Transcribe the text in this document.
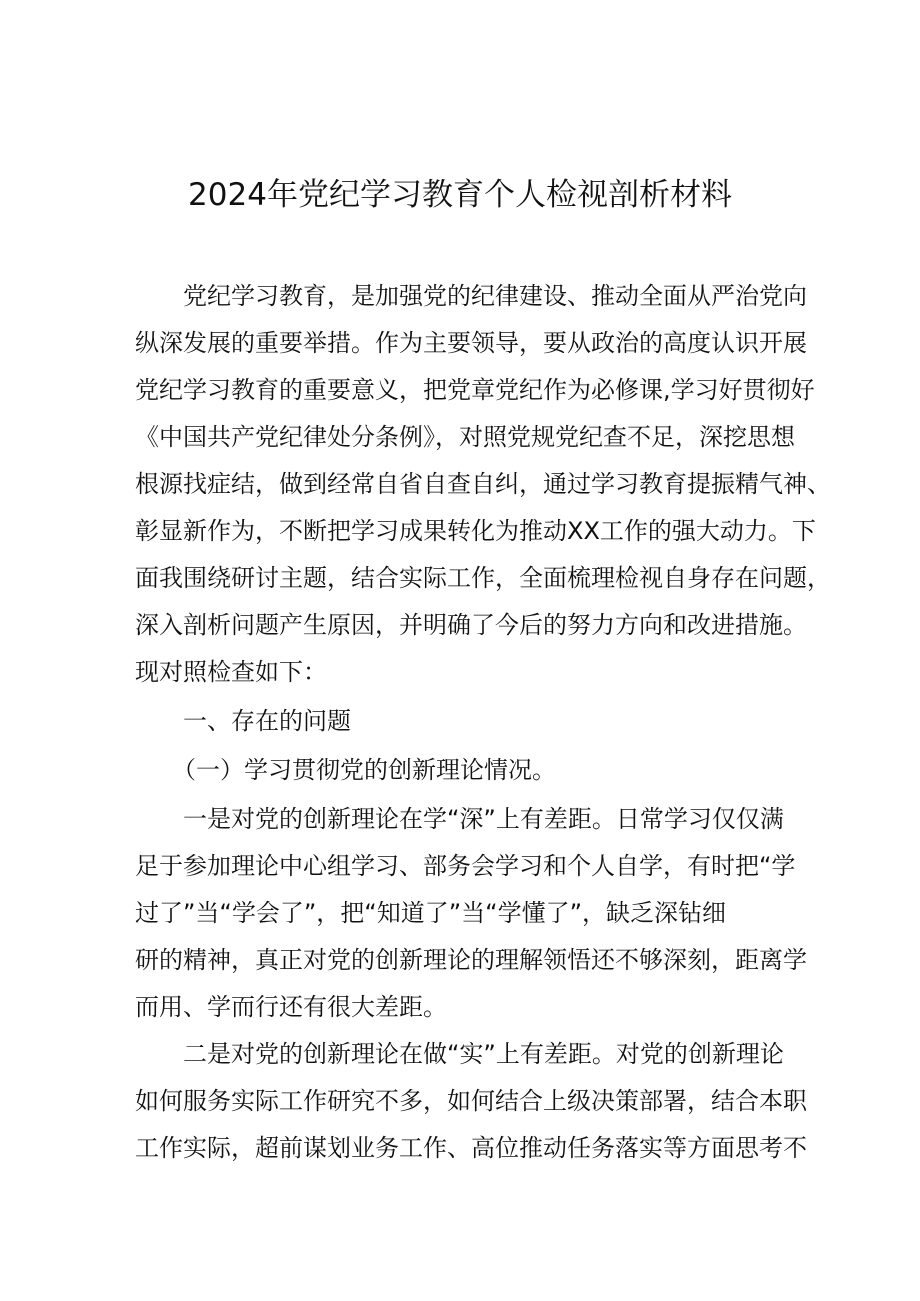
2024年党纪学习教育个人检视剖析材料
党纪学习教育，是加强党的纪律建设、推动全面从严治党向
纵深发展的重要举措。作为主要领导，要从政治的高度认识开展
党纪学习教育的重要意义，把党章党纪作为必修课,学习好贯彻好
《中国共产党纪律处分条例》，对照党规党纪查不足，深挖思想
根源找症结，做到经常自省自查自纠，通过学习教育提振精气神、
彰显新作为，不断把学习成果转化为推动XX工作的强大动力。下
面我围绕研讨主题，结合实际工作，全面梳理检视自身存在问题，
深入剖析问题产生原因，并明确了今后的努力方向和改进措施。
现对照检查如下：
一、存在的问题
（一）学习贯彻党的创新理论情况。
一是对党的创新理论在学“深”上有差距。日常学习仅仅满
足于参加理论中心组学习、部务会学习和个人自学，有时把“学
过了”当“学会了”，把“知道了”当“学懂了”，缺乏深钻细
研的精神，真正对党的创新理论的理解领悟还不够深刻，距离学
而用、学而行还有很大差距。
二是对党的创新理论在做“实”上有差距。对党的创新理论
如何服务实际工作研究不多，如何结合上级决策部署，结合本职
工作实际，超前谋划业务工作、高位推动任务落实等方面思考不
